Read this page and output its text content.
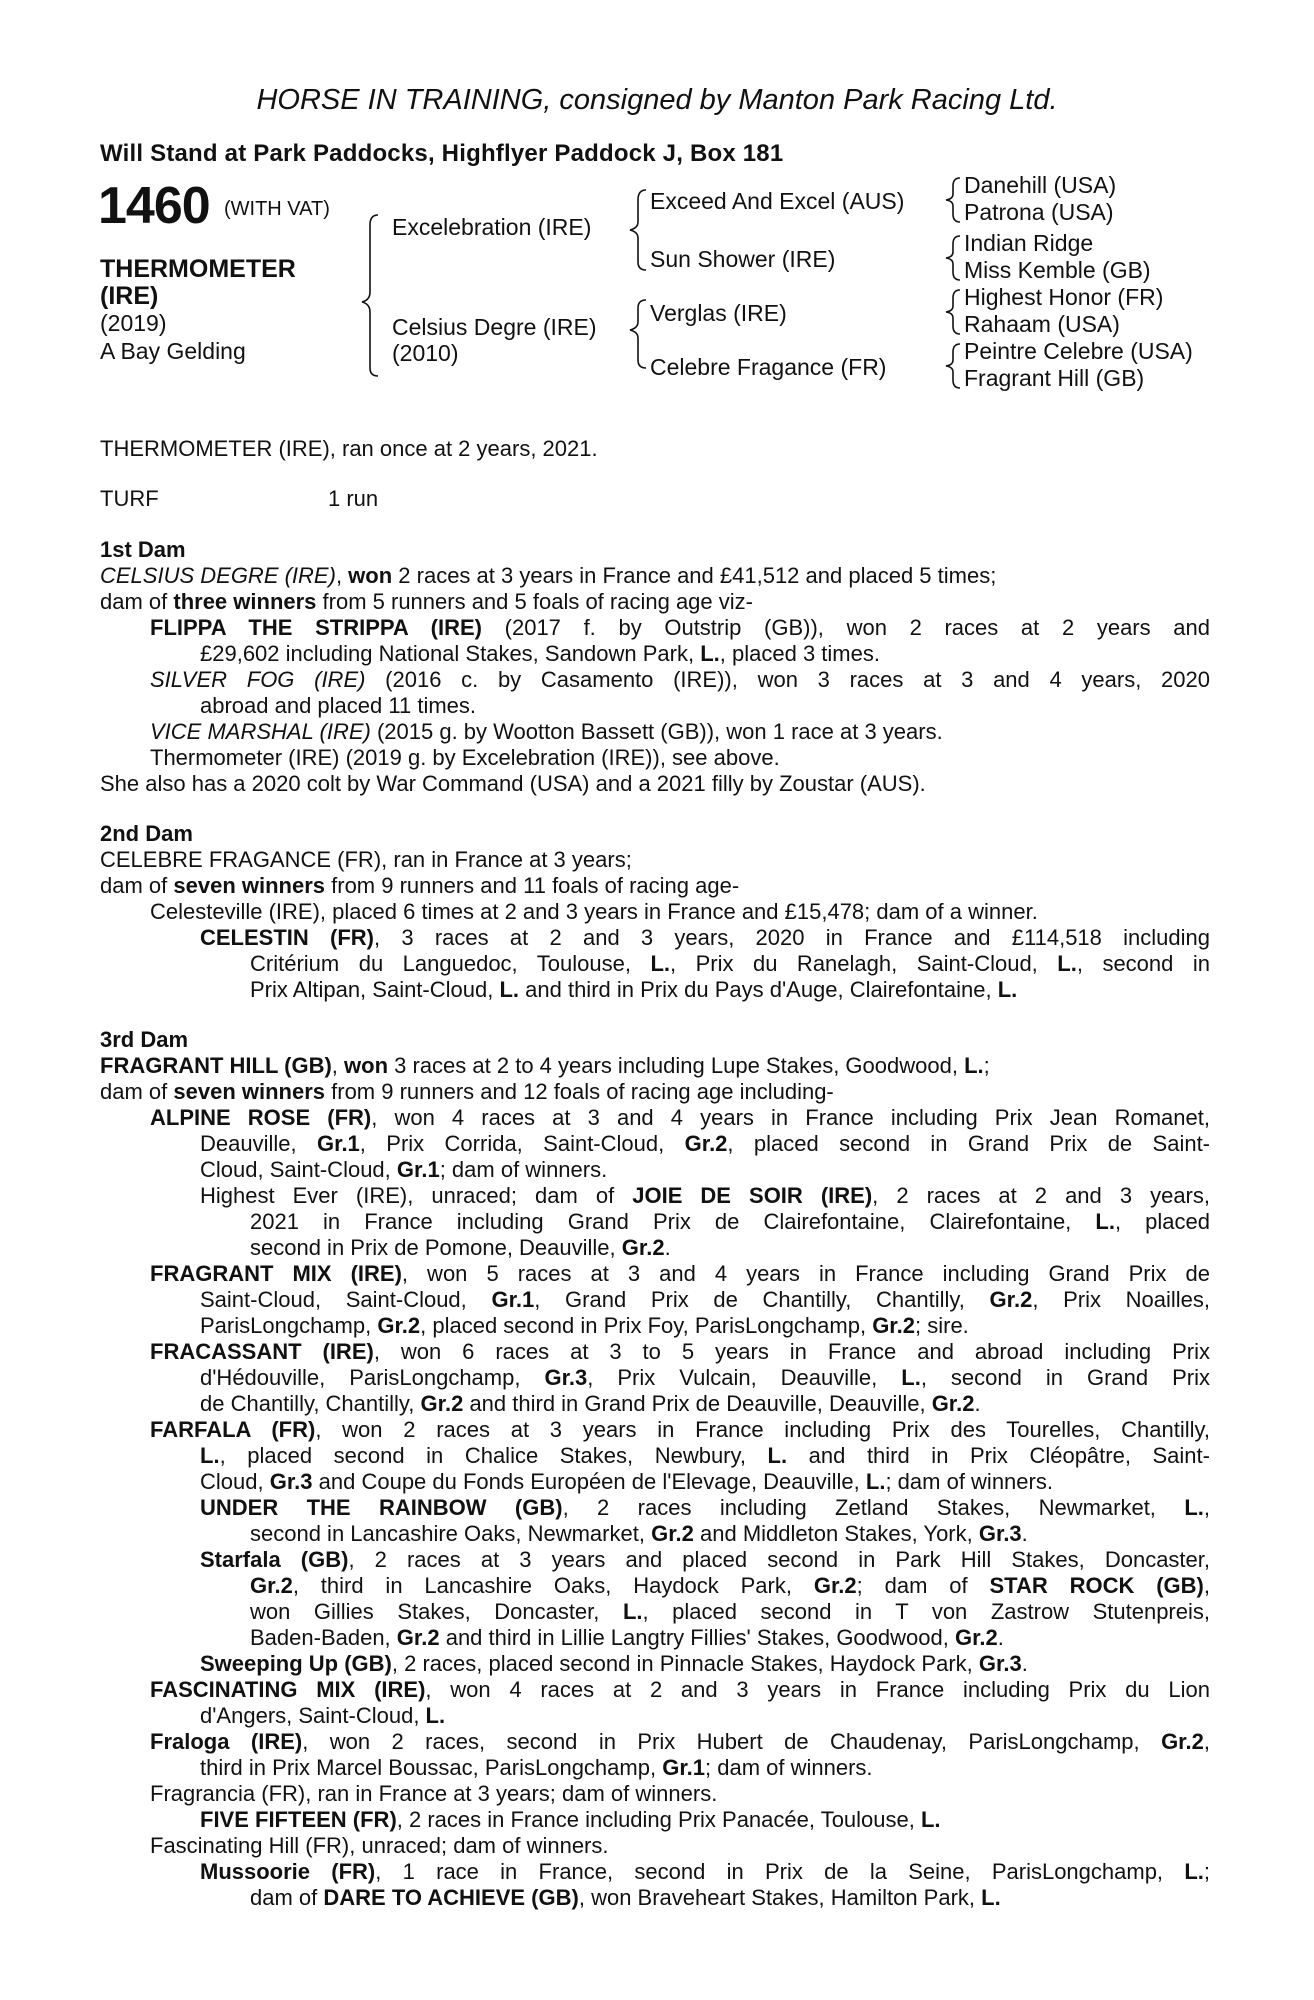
HORSE IN TRAINING, consigned by Manton Park Racing Ltd.
Will Stand at Park Paddocks, Highflyer Paddock J, Box 181
1460 (WITH VAT)
THERMOMETER
(IRE)
(2019)
A Bay Gelding
Excelebration (IRE)
Celsius Degre (IRE)
(2010)
Exceed And Excel (AUS)
Sun Shower (IRE)
Verglas (IRE)
Celebre Fragance (FR)
Danehill (USA)
Patrona (USA)
Indian Ridge
Miss Kemble (GB)
Highest Honor (FR)
Rahaam (USA)
Peintre Celebre (USA)
Fragrant Hill (GB)
THERMOMETER (IRE), ran once at 2 years, 2021.
TURF	1 run
1st Dam
CELSIUS DEGRE (IRE), won 2 races at 3 years in France and £41,512 and placed 5 times;
dam of three winners from 5 runners and 5 foals of racing age viz-
FLIPPA THE STRIPPA (IRE) (2017 f. by Outstrip (GB)), won 2 races at 2 years and
£29,602 including National Stakes, Sandown Park, L., placed 3 times.
SILVER FOG (IRE) (2016 c. by Casamento (IRE)), won 3 races at 3 and 4 years, 2020
abroad and placed 11 times.
VICE MARSHAL (IRE) (2015 g. by Wootton Bassett (GB)), won 1 race at 3 years.
Thermometer (IRE) (2019 g. by Excelebration (IRE)), see above.
She also has a 2020 colt by War Command (USA) and a 2021 filly by Zoustar (AUS).
2nd Dam
CELEBRE FRAGANCE (FR), ran in France at 3 years;
dam of seven winners from 9 runners and 11 foals of racing age-
Celesteville (IRE), placed 6 times at 2 and 3 years in France and £15,478; dam of a winner.
CELESTIN (FR), 3 races at 2 and 3 years, 2020 in France and £114,518 including
Critérium du Languedoc, Toulouse, L., Prix du Ranelagh, Saint-Cloud, L., second in
Prix Altipan, Saint-Cloud, L. and third in Prix du Pays d'Auge, Clairefontaine, L.
3rd Dam
FRAGRANT HILL (GB), won 3 races at 2 to 4 years including Lupe Stakes, Goodwood, L.;
dam of seven winners from 9 runners and 12 foals of racing age including-
ALPINE ROSE (FR), won 4 races at 3 and 4 years in France including Prix Jean Romanet,
Deauville, Gr.1, Prix Corrida, Saint-Cloud, Gr.2, placed second in Grand Prix de Saint-
Cloud, Saint-Cloud, Gr.1; dam of winners.
Highest Ever (IRE), unraced; dam of JOIE DE SOIR (IRE), 2 races at 2 and 3 years,
2021 in France including Grand Prix de Clairefontaine, Clairefontaine, L., placed
second in Prix de Pomone, Deauville, Gr.2.
FRAGRANT MIX (IRE), won 5 races at 3 and 4 years in France including Grand Prix de
Saint-Cloud, Saint-Cloud, Gr.1, Grand Prix de Chantilly, Chantilly, Gr.2, Prix Noailles,
ParisLongchamp, Gr.2, placed second in Prix Foy, ParisLongchamp, Gr.2; sire.
FRACASSANT (IRE), won 6 races at 3 to 5 years in France and abroad including Prix
d'Hédouville, ParisLongchamp, Gr.3, Prix Vulcain, Deauville, L., second in Grand Prix
de Chantilly, Chantilly, Gr.2 and third in Grand Prix de Deauville, Deauville, Gr.2.
FARFALA (FR), won 2 races at 3 years in France including Prix des Tourelles, Chantilly,
L., placed second in Chalice Stakes, Newbury, L. and third in Prix Cléopâtre, Saint-
Cloud, Gr.3 and Coupe du Fonds Européen de l'Elevage, Deauville, L.; dam of winners.
UNDER THE RAINBOW (GB), 2 races including Zetland Stakes, Newmarket, L.,
second in Lancashire Oaks, Newmarket, Gr.2 and Middleton Stakes, York, Gr.3.
Starfala (GB), 2 races at 3 years and placed second in Park Hill Stakes, Doncaster,
Gr.2, third in Lancashire Oaks, Haydock Park, Gr.2; dam of STAR ROCK (GB),
won Gillies Stakes, Doncaster, L., placed second in T von Zastrow Stutenpreis,
Baden-Baden, Gr.2 and third in Lillie Langtry Fillies' Stakes, Goodwood, Gr.2.
Sweeping Up (GB), 2 races, placed second in Pinnacle Stakes, Haydock Park, Gr.3.
FASCINATING MIX (IRE), won 4 races at 2 and 3 years in France including Prix du Lion
d'Angers, Saint-Cloud, L.
Fraloga (IRE), won 2 races, second in Prix Hubert de Chaudenay, ParisLongchamp, Gr.2,
third in Prix Marcel Boussac, ParisLongchamp, Gr.1; dam of winners.
Fragrancia (FR), ran in France at 3 years; dam of winners.
FIVE FIFTEEN (FR), 2 races in France including Prix Panacée, Toulouse, L.
Fascinating Hill (FR), unraced; dam of winners.
Mussoorie (FR), 1 race in France, second in Prix de la Seine, ParisLongchamp, L.;
dam of DARE TO ACHIEVE (GB), won Braveheart Stakes, Hamilton Park, L.
